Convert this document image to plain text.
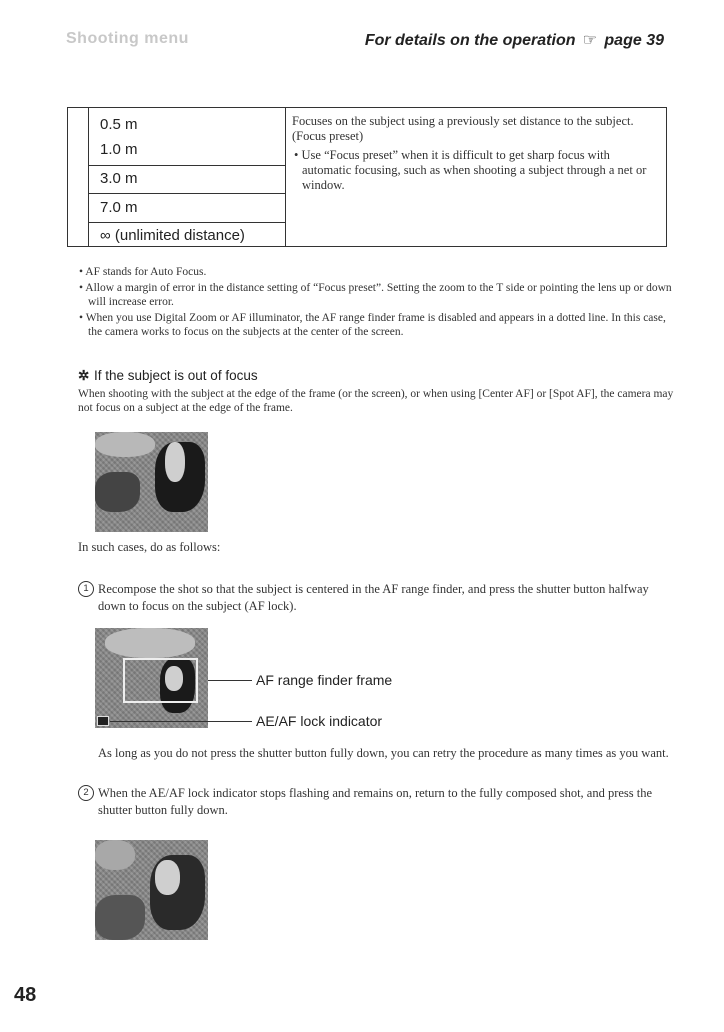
Shooting menu	For details on the operation ☞ page 39
0.5 m
1.0 m
3.0 m
7.0 m
∞ (unlimited distance)
Focuses on the subject using a previously set distance to the subject. (Focus preset)
• Use “Focus preset” when it is difficult to get sharp focus with automatic focusing, such as when shooting a subject through a net or window.

• AF stands for Auto Focus.

• Allow a margin of error in the distance setting of “Focus preset”. Setting the zoom to the T side or pointing the lens up or down will increase error.

• When you use Digital Zoom or AF illuminator, the AF range finder frame is disabled and appears in a dotted line. In this case, the camera works to focus on the subjects at the center of the screen.

✲ If the subject is out of focus
When shooting with the subject at the edge of the frame (or the screen), or when using [Center AF] or [Spot AF], the camera may not focus on a subject at the edge of the frame.
In such cases, do as follows:
1 Recompose the shot so that the subject is centered in the AF range finder, and press the shutter button halfway down to focus on the subject (AF lock).
AF range finder frame
AE/AF lock indicator
As long as you do not press the shutter button fully down, you can retry the procedure as many times as you want.
2 When the AE/AF lock indicator stops flashing and remains on, return to the fully composed shot, and press the shutter button fully down.
48
